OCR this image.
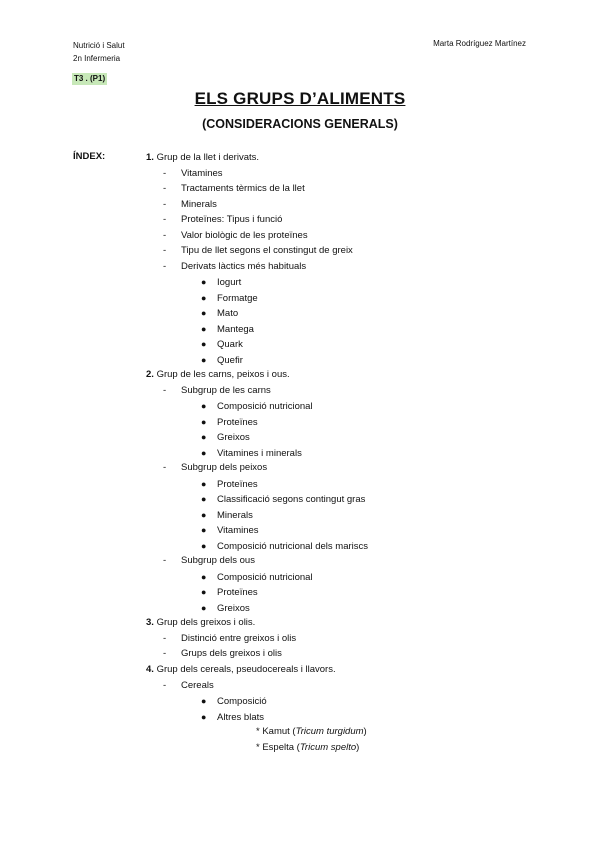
Nutrició i Salut
2n Infermeria
Marta Rodríguez Martínez
T3 . (P1)
ELS GRUPS D’ALIMENTS
(CONSIDERACIONS GENERALS)
ÍNDEX:	1. Grup de la llet i derivats.
- Vitamines
- Tractaments tèrmics de la llet
- Minerals
- Proteïnes: Tipus i funció
- Valor biològic de les proteïnes
- Tipu de llet segons el constingut de greix
- Derivats làctics més habituals
● Iogurt
● Formatge
● Mato
● Mantega
● Quark
● Quefir
2. Grup de les carns, peixos i ous.
- Subgrup de les carns
● Composició nutricional
● Proteïnes
● Greixos
● Vitamines i minerals
- Subgrup dels peixos
● Proteïnes
● Classificació segons contingut gras
● Minerals
● Vitamines
● Composició nutricional dels mariscs
- Subgrup dels ous
● Composició nutricional
● Proteïnes
● Greixos
3. Grup dels greixos i olis.
- Distinció entre greixos i olis
- Grups dels greixos i olis
4. Grup dels cereals, pseudocereals i llavors.
- Cereals
● Composició
● Altres blats
* Kamut (Tricum turgidum)
* Espelta (Tricum spelto)
